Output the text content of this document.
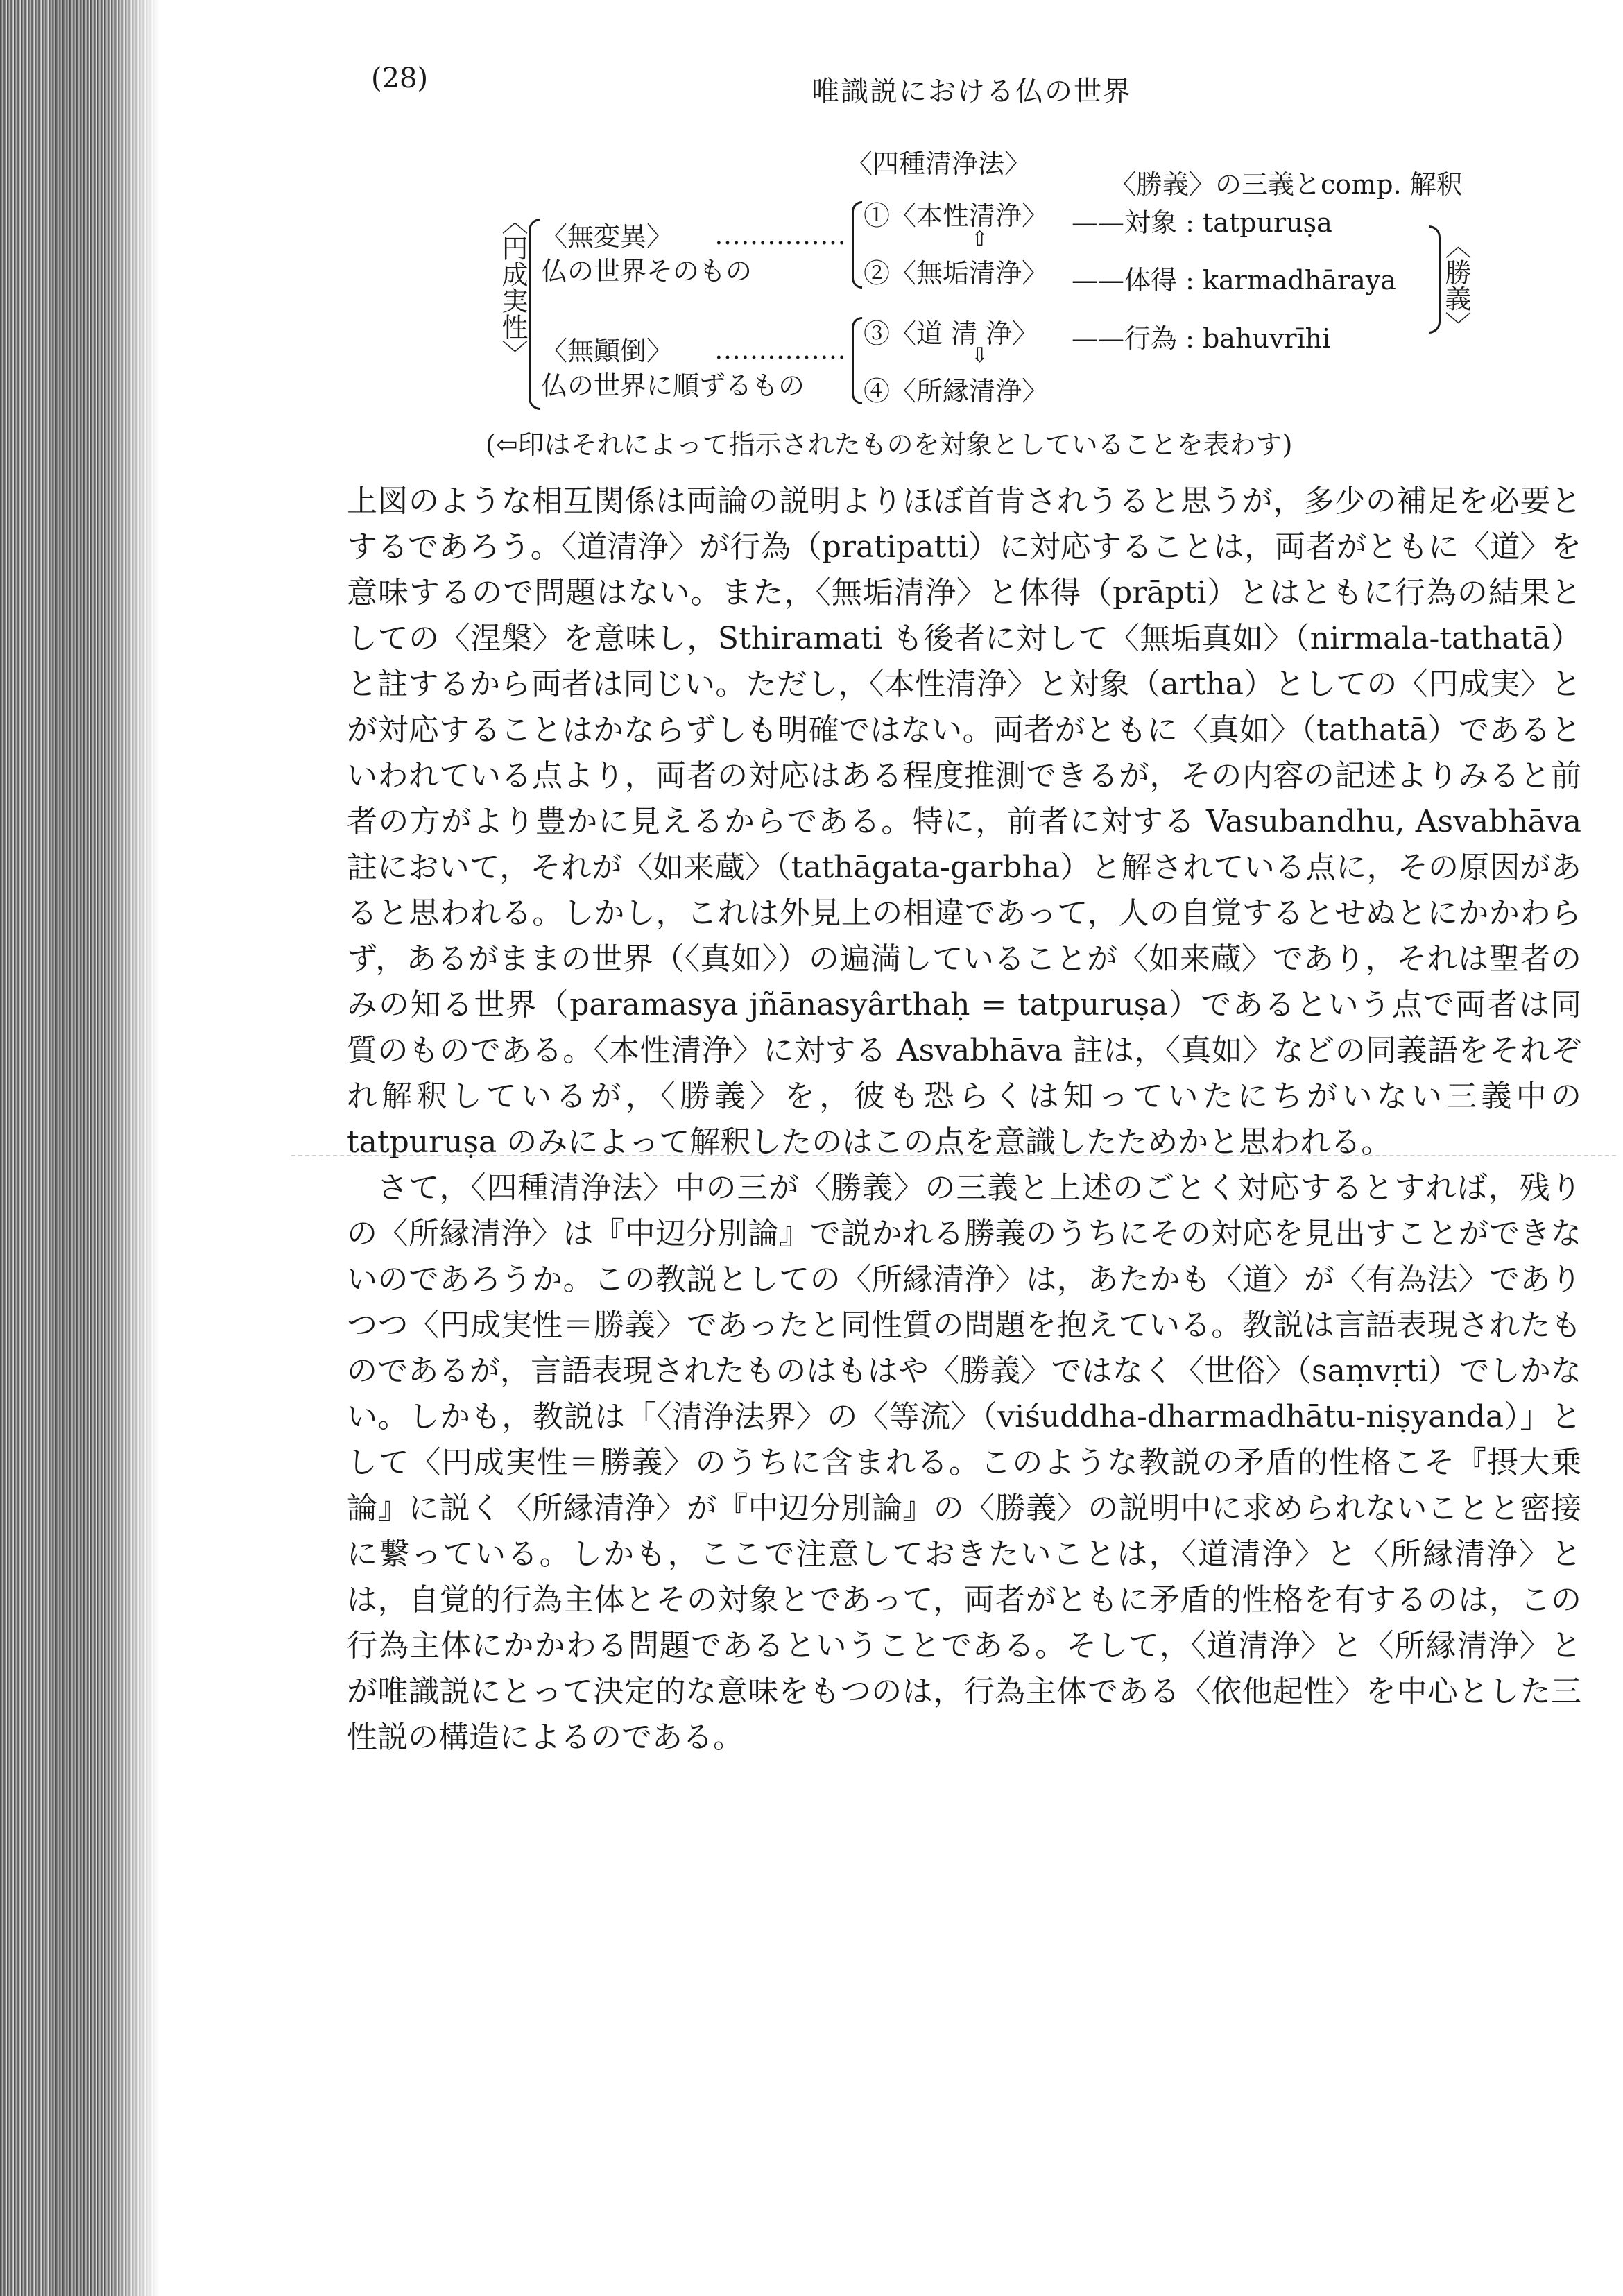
(28)	唯識説における仏の世界
〈四種清浄法〉
〈勝義〉の三義とcomp. 解釈
〈円成実性〉 〈無変異〉 ……………
仏の世界そのもの
〈無顚倒〉 ……………
仏の世界に順ずるもの
①〈本性清浄〉 ——対象 : tatpuruṣa
⇧
②〈無垢清浄〉 ——体得 : karmadhāraya
③〈道 清 浄〉 ——行為 : bahuvrīhi
⇩
④〈所縁清浄〉
〈勝義〉
(⇦印はそれによって指示されたものを対象としていることを表わす)

上図のような相互関係は両論の説明よりほぼ首肯されうると思うが，多少の補足を必要とするであろう。〈道清浄〉が行為（pratipatti）に対応することは，両者がともに〈道〉を意味するので問題はない。また，〈無垢清浄〉と体得（prāpti）とはともに行為の結果としての〈涅槃〉を意味し，Sthiramati も後者に対して〈無垢真如〉（nirmala-tathatā）と註するから両者は同じい。ただし，〈本性清浄〉と対象（artha）としての〈円成実〉とが対応することはかならずしも明確ではない。両者がともに〈真如〉（tathatā）であるといわれている点より，両者の対応はある程度推測できるが，その内容の記述よりみると前者の方がより豊かに見えるからである。特に，前者に対する Vasubandhu, Asvabhāva 註において，それが〈如来蔵〉（tathāgata-garbha）と解されている点に，その原因があると思われる。しかし，これは外見上の相違であって，人の自覚するとせぬとにかかわらず，あるがままの世界（〈真如〉）の遍満していることが〈如来蔵〉であり，それは聖者のみの知る世界（paramasya jñānasyârthaḥ = tatpuruṣa）であるという点で両者は同質のものである。〈本性清浄〉に対する Asvabhāva 註は，〈真如〉などの同義語をそれぞれ解釈しているが，〈勝義〉を，彼も恐らくは知っていたにちがいない三義中の tatpuruṣa のみによって解釈したのはこの点を意識したためかと思われる。

さて，〈四種清浄法〉中の三が〈勝義〉の三義と上述のごとく対応するとすれば，残りの〈所縁清浄〉は『中辺分別論』で説かれる勝義のうちにその対応を見出すことができないのであろうか。この教説としての〈所縁清浄〉は，あたかも〈道〉が〈有為法〉でありつつ〈円成実性＝勝義〉であったと同性質の問題を抱えている。教説は言語表現されたものであるが，言語表現されたものはもはや〈勝義〉ではなく〈世俗〉（saṃvṛti）でしかない。しかも，教説は「〈清浄法界〉の〈等流〉（viśuddha-dharmadhātu-niṣyanda）」として〈円成実性＝勝義〉のうちに含まれる。このような教説の矛盾的性格こそ『摂大乗論』に説く〈所縁清浄〉が『中辺分別論』の〈勝義〉の説明中に求められないことと密接に繋っている。しかも，ここで注意しておきたいことは，〈道清浄〉と〈所縁清浄〉とは，自覚的行為主体とその対象とであって，両者がともに矛盾的性格を有するのは，この行為主体にかかわる問題であるということである。そして，〈道清浄〉と〈所縁清浄〉とが唯識説にとって決定的な意味をもつのは，行為主体である〈依他起性〉を中心とした三性説の構造によるのである。
